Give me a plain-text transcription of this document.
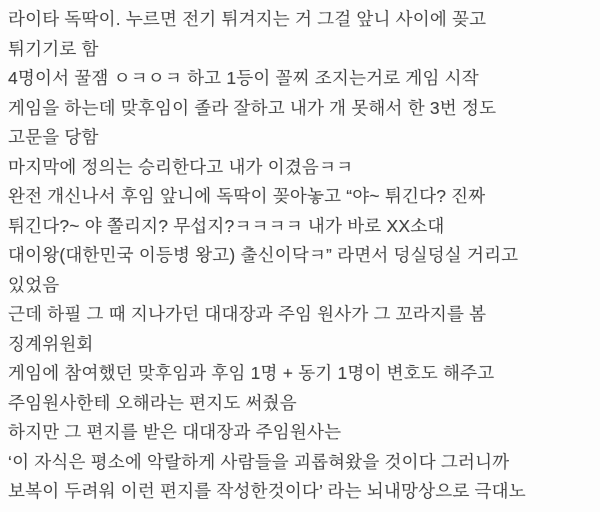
라이타 독딱이. 누르면 전기 튀겨지는 거 그걸 앞니 사이에 꽂고

튀기기로 함

4명이서 꿀잼 ㅇㅋㅇㅋ 하고 1등이 꼴찌 조지는거로 게임 시작

게임을 하는데 맞후임이 졸라 잘하고 내가 개 못해서 한 3번 정도

고문을 당함

마지막에 정의는 승리한다고 내가 이겼음ㅋㅋ

완전 개신나서 후임 앞니에 독딱이 꽂아놓고 “야~ 튀긴다? 진짜

튀긴다?~ 야 쫄리지? 무섭지?ㅋㅋㅋㅋ 내가 바로 XX소대

대이왕(대한민국 이등병 왕고) 출신이닥ㅋ” 라면서 덩실덩실 거리고

있었음

근데 하필 그 때 지나가던 대대장과 주임 원사가 그 꼬라지를 봄

징계위원회

게임에 참여했던 맞후임과 후임 1명 + 동기 1명이 변호도 해주고

주임원사한테 오해라는 편지도 써줬음

하지만 그 편지를 받은 대대장과 주임원사는

‘이 자식은 평소에 악랄하게 사람들을 괴롭혀왔을 것이다 그러니까

보복이 두려워 이런 편지를 작성한것이다’ 라는 뇌내망상으로 극대노
